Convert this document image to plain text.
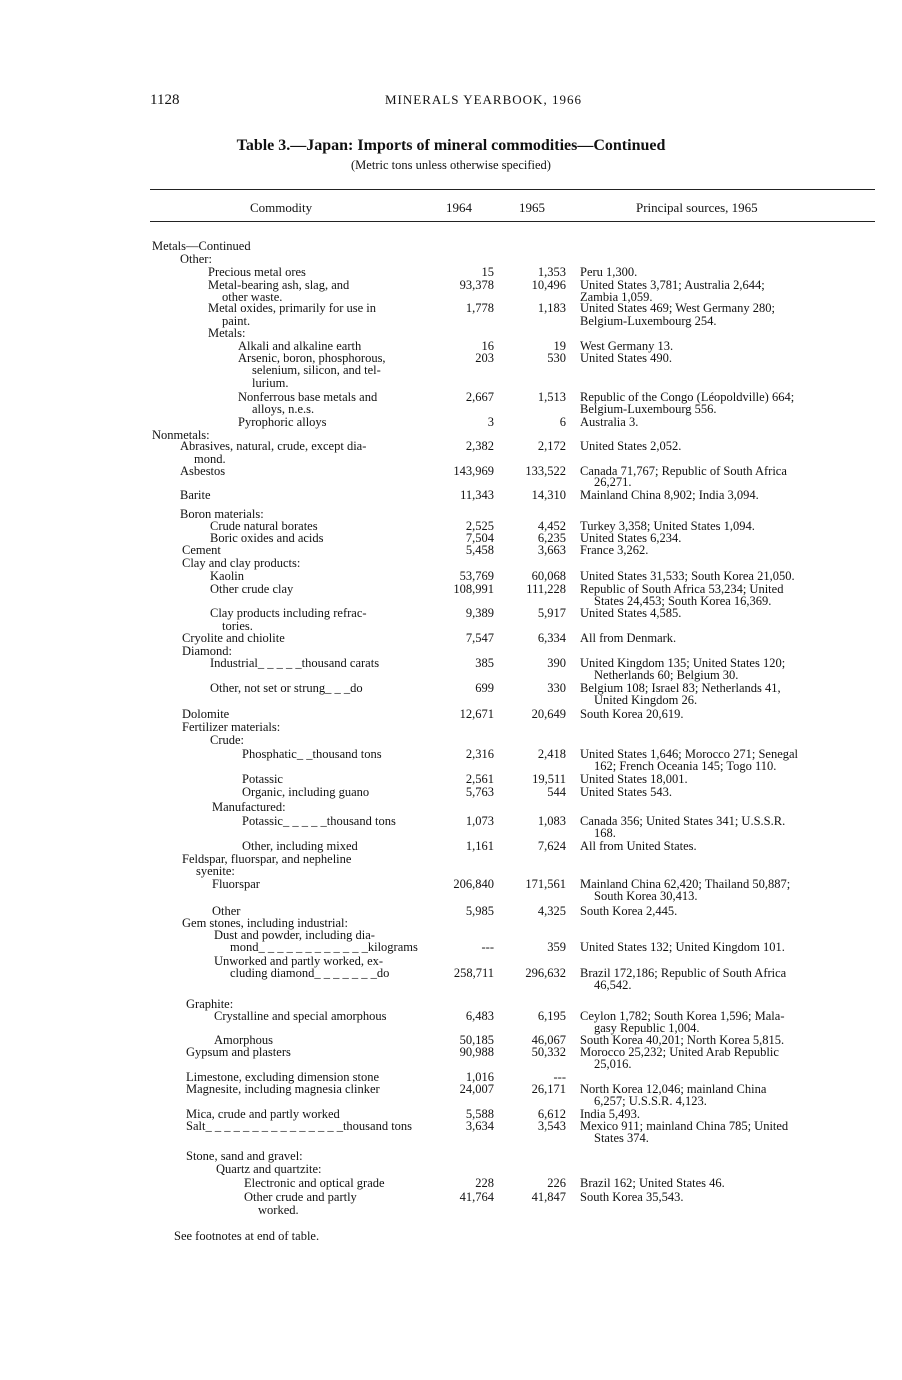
1128	MINERALS YEARBOOK, 1966
Table 3.—Japan: Imports of mineral commodities—Continued
(Metric tons unless otherwise specified)
Commodity	1964	1965	Principal sources, 1965
Metals—Continued
Other:
Precious metal ores	15	1,353 Peru 1,300.
Metal-bearing ash, slag, and	93,378	10,496 United States 3,781; Australia 2,644;
other waste.	Zambia 1,059.
Metal oxides, primarily for use in	1,778	1,183 United States 469; West Germany 280;
paint.	Belgium-Luxembourg 254.
Metals:
Alkali and alkaline earth	16	19 West Germany 13.
Arsenic, boron, phosphorous,	203	530 United States 490.
selenium, silicon, and tel-
lurium.
Nonferrous base metals and	2,667	1,513 Republic of the Congo (Léopoldville) 664;
alloys, n.e.s.	Belgium-Luxembourg 556.
Pyrophoric alloys	3	6 Australia 3.
Nonmetals:
Abrasives, natural, crude, except dia-	2,382	2,172 United States 2,052.
mond.
Asbestos	143,969	133,522 Canada 71,767; Republic of South Africa
26,271.
Barite	11,343	14,310 Mainland China 8,902; India 3,094.
Boron materials:
Crude natural borates	2,525	4,452 Turkey 3,358; United States 1,094.
Boric oxides and acids	7,504	6,235 United States 6,234.
Cement	5,458	3,663 France 3,262.
Clay and clay products:
Kaolin	53,769	60,068 United States 31,533; South Korea 21,050.
Other crude clay	108,991	111,228 Republic of South Africa 53,234; United
States 24,453; South Korea 16,369.
Clay products including refrac-	9,389	5,917 United States 4,585.
tories.
Cryolite and chiolite	7,547	6,334 All from Denmark.
Diamond:
Industrial_ _ _ _ _thousand carats	385	390 United Kingdom 135; United States 120;
Netherlands 60; Belgium 30.
Other, not set or strung_ _ _do	699	330 Belgium 108; Israel 83; Netherlands 41,
United Kingdom 26.
Dolomite	12,671	20,649 South Korea 20,619.
Fertilizer materials:
Crude:
Phosphatic_ _thousand tons	2,316	2,418 United States 1,646; Morocco 271; Senegal
162; French Oceania 145; Togo 110.
Potassic	2,561	19,511 United States 18,001.
Organic, including guano	5,763	544 United States 543.
Manufactured:
Potassic_ _ _ _ _thousand tons	1,073	1,083 Canada 356; United States 341; U.S.S.R.
168.
Other, including mixed	1,161	7,624 All from United States.
Feldspar, fluorspar, and nepheline
syenite:
Fluorspar	206,840	171,561 Mainland China 62,420; Thailand 50,887;
South Korea 30,413.
Other	5,985	4,325 South Korea 2,445.
Gem stones, including industrial:
Dust and powder, including dia-
mond_ _ _ _ _ _ _ _ _ _ _ _kilograms	---	359 United States 132; United Kingdom 101.
Unworked and partly worked, ex-
cluding diamond_ _ _ _ _ _ _do	258,711	296,632 Brazil 172,186; Republic of South Africa
46,542.
Graphite:
Crystalline and special amorphous	6,483	6,195 Ceylon 1,782; South Korea 1,596; Mala-
gasy Republic 1,004.
Amorphous	50,185	46,067 South Korea 40,201; North Korea 5,815.
Gypsum and plasters	90,988	50,332 Morocco 25,232; United Arab Republic
25,016.
Limestone, excluding dimension stone	1,016	---
Magnesite, including magnesia clinker	24,007	26,171 North Korea 12,046; mainland China
6,257; U.S.S.R. 4,123.
Mica, crude and partly worked	5,588	6,612 India 5,493.
Salt_ _ _ _ _ _ _ _ _ _ _ _ _ _ _thousand tons	3,634	3,543 Mexico 911; mainland China 785; United
States 374.
Stone, sand and gravel:
Quartz and quartzite:
Electronic and optical grade	228	226 Brazil 162; United States 46.
Other crude and partly	41,764	41,847 South Korea 35,543.
worked.
See footnotes at end of table.
